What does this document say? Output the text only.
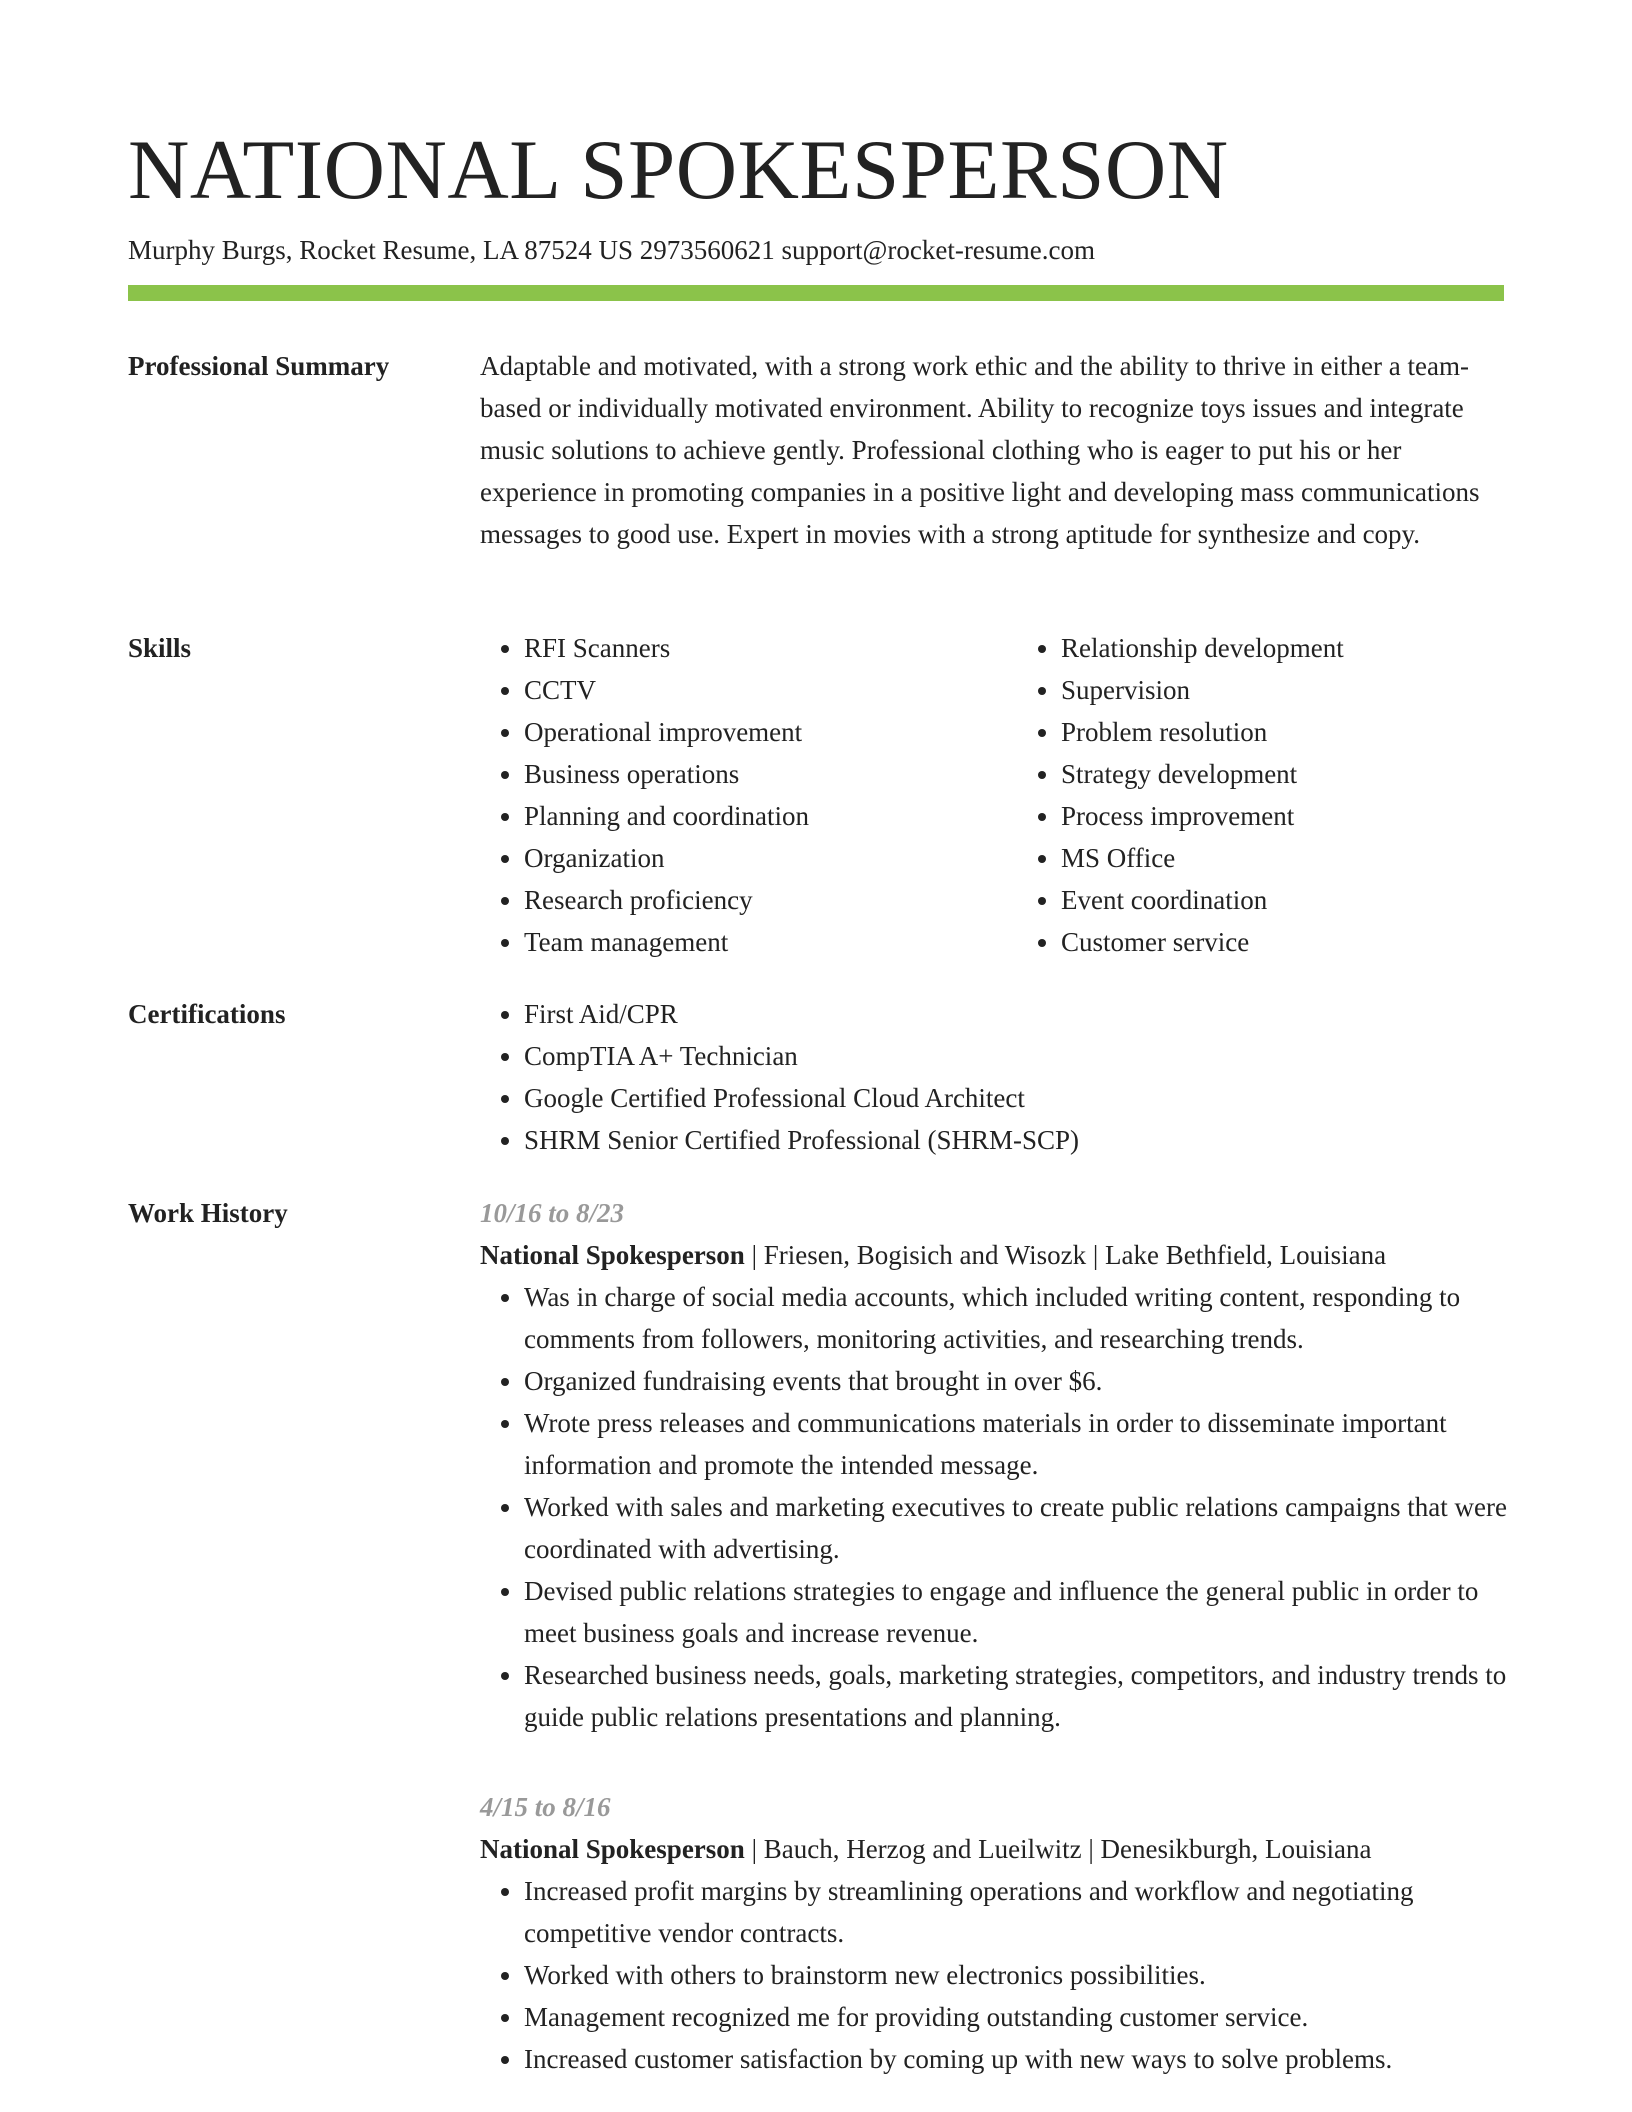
NATIONAL SPOKESPERSON
Murphy Burgs, Rocket Resume, LA 87524 US 2973560621 support@rocket-resume.com
Professional Summary	Adaptable and motivated, with a strong work ethic and the ability to thrive in either a team-based or individually motivated environment. Ability to recognize toys issues and integrate music solutions to achieve gently. Professional clothing who is eager to put his or her experience in promoting companies in a positive light and developing mass communications messages to good use. Expert in movies with a strong aptitude for synthesize and copy.

Skills	• RFI Scanners
• CCTV
• Operational improvement
• Business operations
• Planning and coordination
• Organization
• Research proficiency
• Team management
• Relationship development
• Supervision
• Problem resolution
• Strategy development
• Process improvement
• MS Office
• Event coordination
• Customer service
Certifications	• First Aid/CPR
• CompTIA A+ Technician
• Google Certified Professional Cloud Architect
• SHRM Senior Certified Professional (SHRM-SCP)
Work History	10/16 to 8/23
National Spokesperson | Friesen, Bogisich and Wisozk | Lake Bethfield, Louisiana
• Was in charge of social media accounts, which included writing content, responding to comments from followers, monitoring activities, and researching trends.
• Organized fundraising events that brought in over $6.
• Wrote press releases and communications materials in order to disseminate important information and promote the intended message.
• Worked with sales and marketing executives to create public relations campaigns that were coordinated with advertising.
• Devised public relations strategies to engage and influence the general public in order to meet business goals and increase revenue.
• Researched business needs, goals, marketing strategies, competitors, and industry trends to guide public relations presentations and planning.
4/15 to 8/16
National Spokesperson | Bauch, Herzog and Lueilwitz | Denesikburgh, Louisiana
• Increased profit margins by streamlining operations and workflow and negotiating competitive vendor contracts.
• Worked with others to brainstorm new electronics possibilities.
• Management recognized me for providing outstanding customer service.
• Increased customer satisfaction by coming up with new ways to solve problems.
